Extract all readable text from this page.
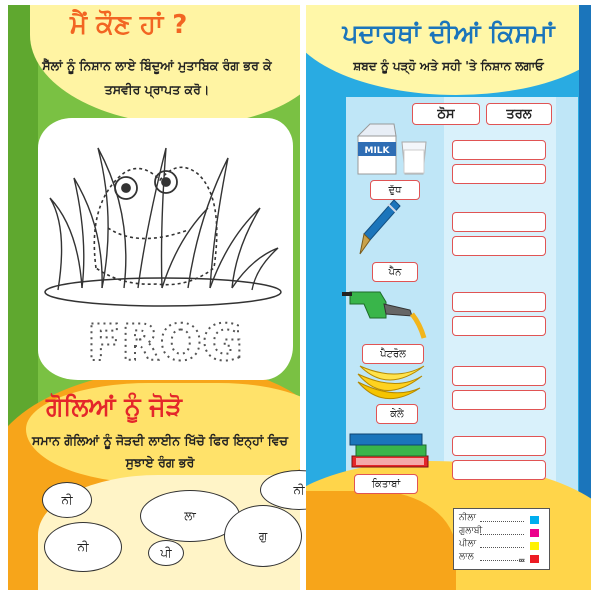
ਮੈਂ ਕੌਣ ਹਾਂ ?
ਸੈੱਲਾਂ ਨੂੰ ਨਿਸ਼ਾਨ ਲਾਏ ਬਿੰਦੂਆਂ ਮੁਤਾਬਿਕ ਰੰਗ ਭਰ ਕੇ ਤਸਵੀਰ ਪ੍ਰਾਪਤ ਕਰੋ।
FROG
ਗੋਲਿਆਂ ਨੂੰ ਜੋੜੋ
ਸਮਾਨ ਗੋਲਿਆਂ ਨੂੰ ਜੋੜਦੀ ਲਾਈਨ ਖਿੱਚੋ ਫਿਰ ਇਨ੍ਹਾਂ ਵਿਚ ਸੁਝਾਏ ਰੰਗ ਭਰੋ
ਨੀ
ਨੀ
ਲਾ
ਪੀ
ਗੁ
ਨੀ
ਪਦਾਰਥਾਂ ਦੀਆਂ ਕਿਸਮਾਂ
ਸ਼ਬਦ ਨੂੰ ਪੜ੍ਹੋ ਅਤੇ ਸਹੀ 'ਤੇ ਨਿਸ਼ਾਨ ਲਗਾਓ
ਠੋਸ	ਤਰਲ
MILK
ਦੁੱਧ
ਪੈੱਨ
ਪੈਟਰੋਲ
ਕੇਲੇ
ਕਿਤਾਬਾਂ
ਨੀਲਾ
ਗੁਲਾਬੀ
ਪੀਲਾ
ਲਾਲ	=
